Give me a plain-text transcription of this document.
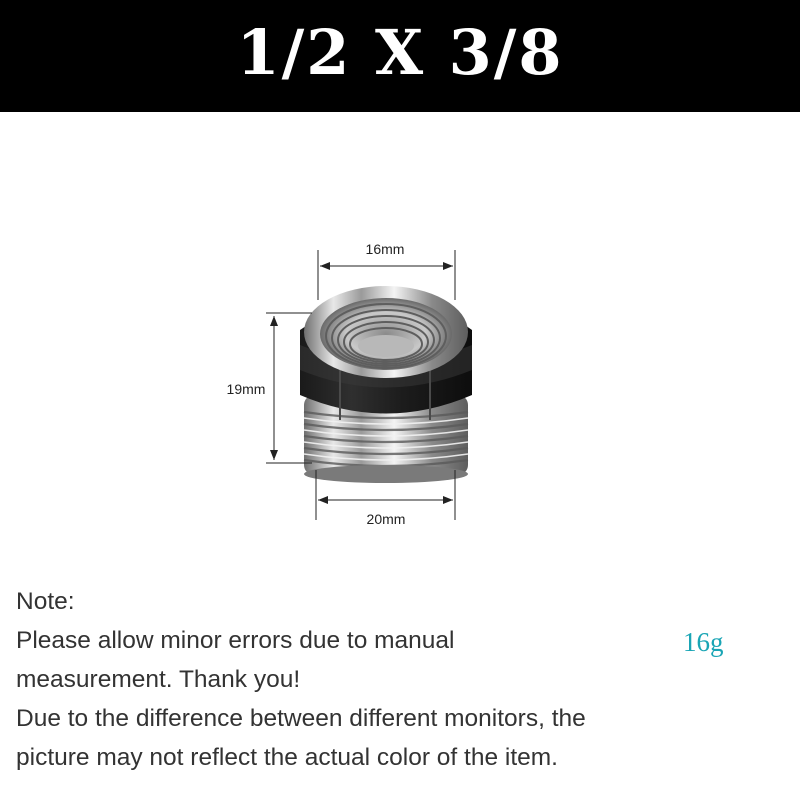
1/2 X 3/8
16mm
19mm
20mm
Note:
Please allow minor errors due to manual
measurement. Thank you!
Due to the difference between different monitors, the
picture may not reflect the actual color of the item.
16g
